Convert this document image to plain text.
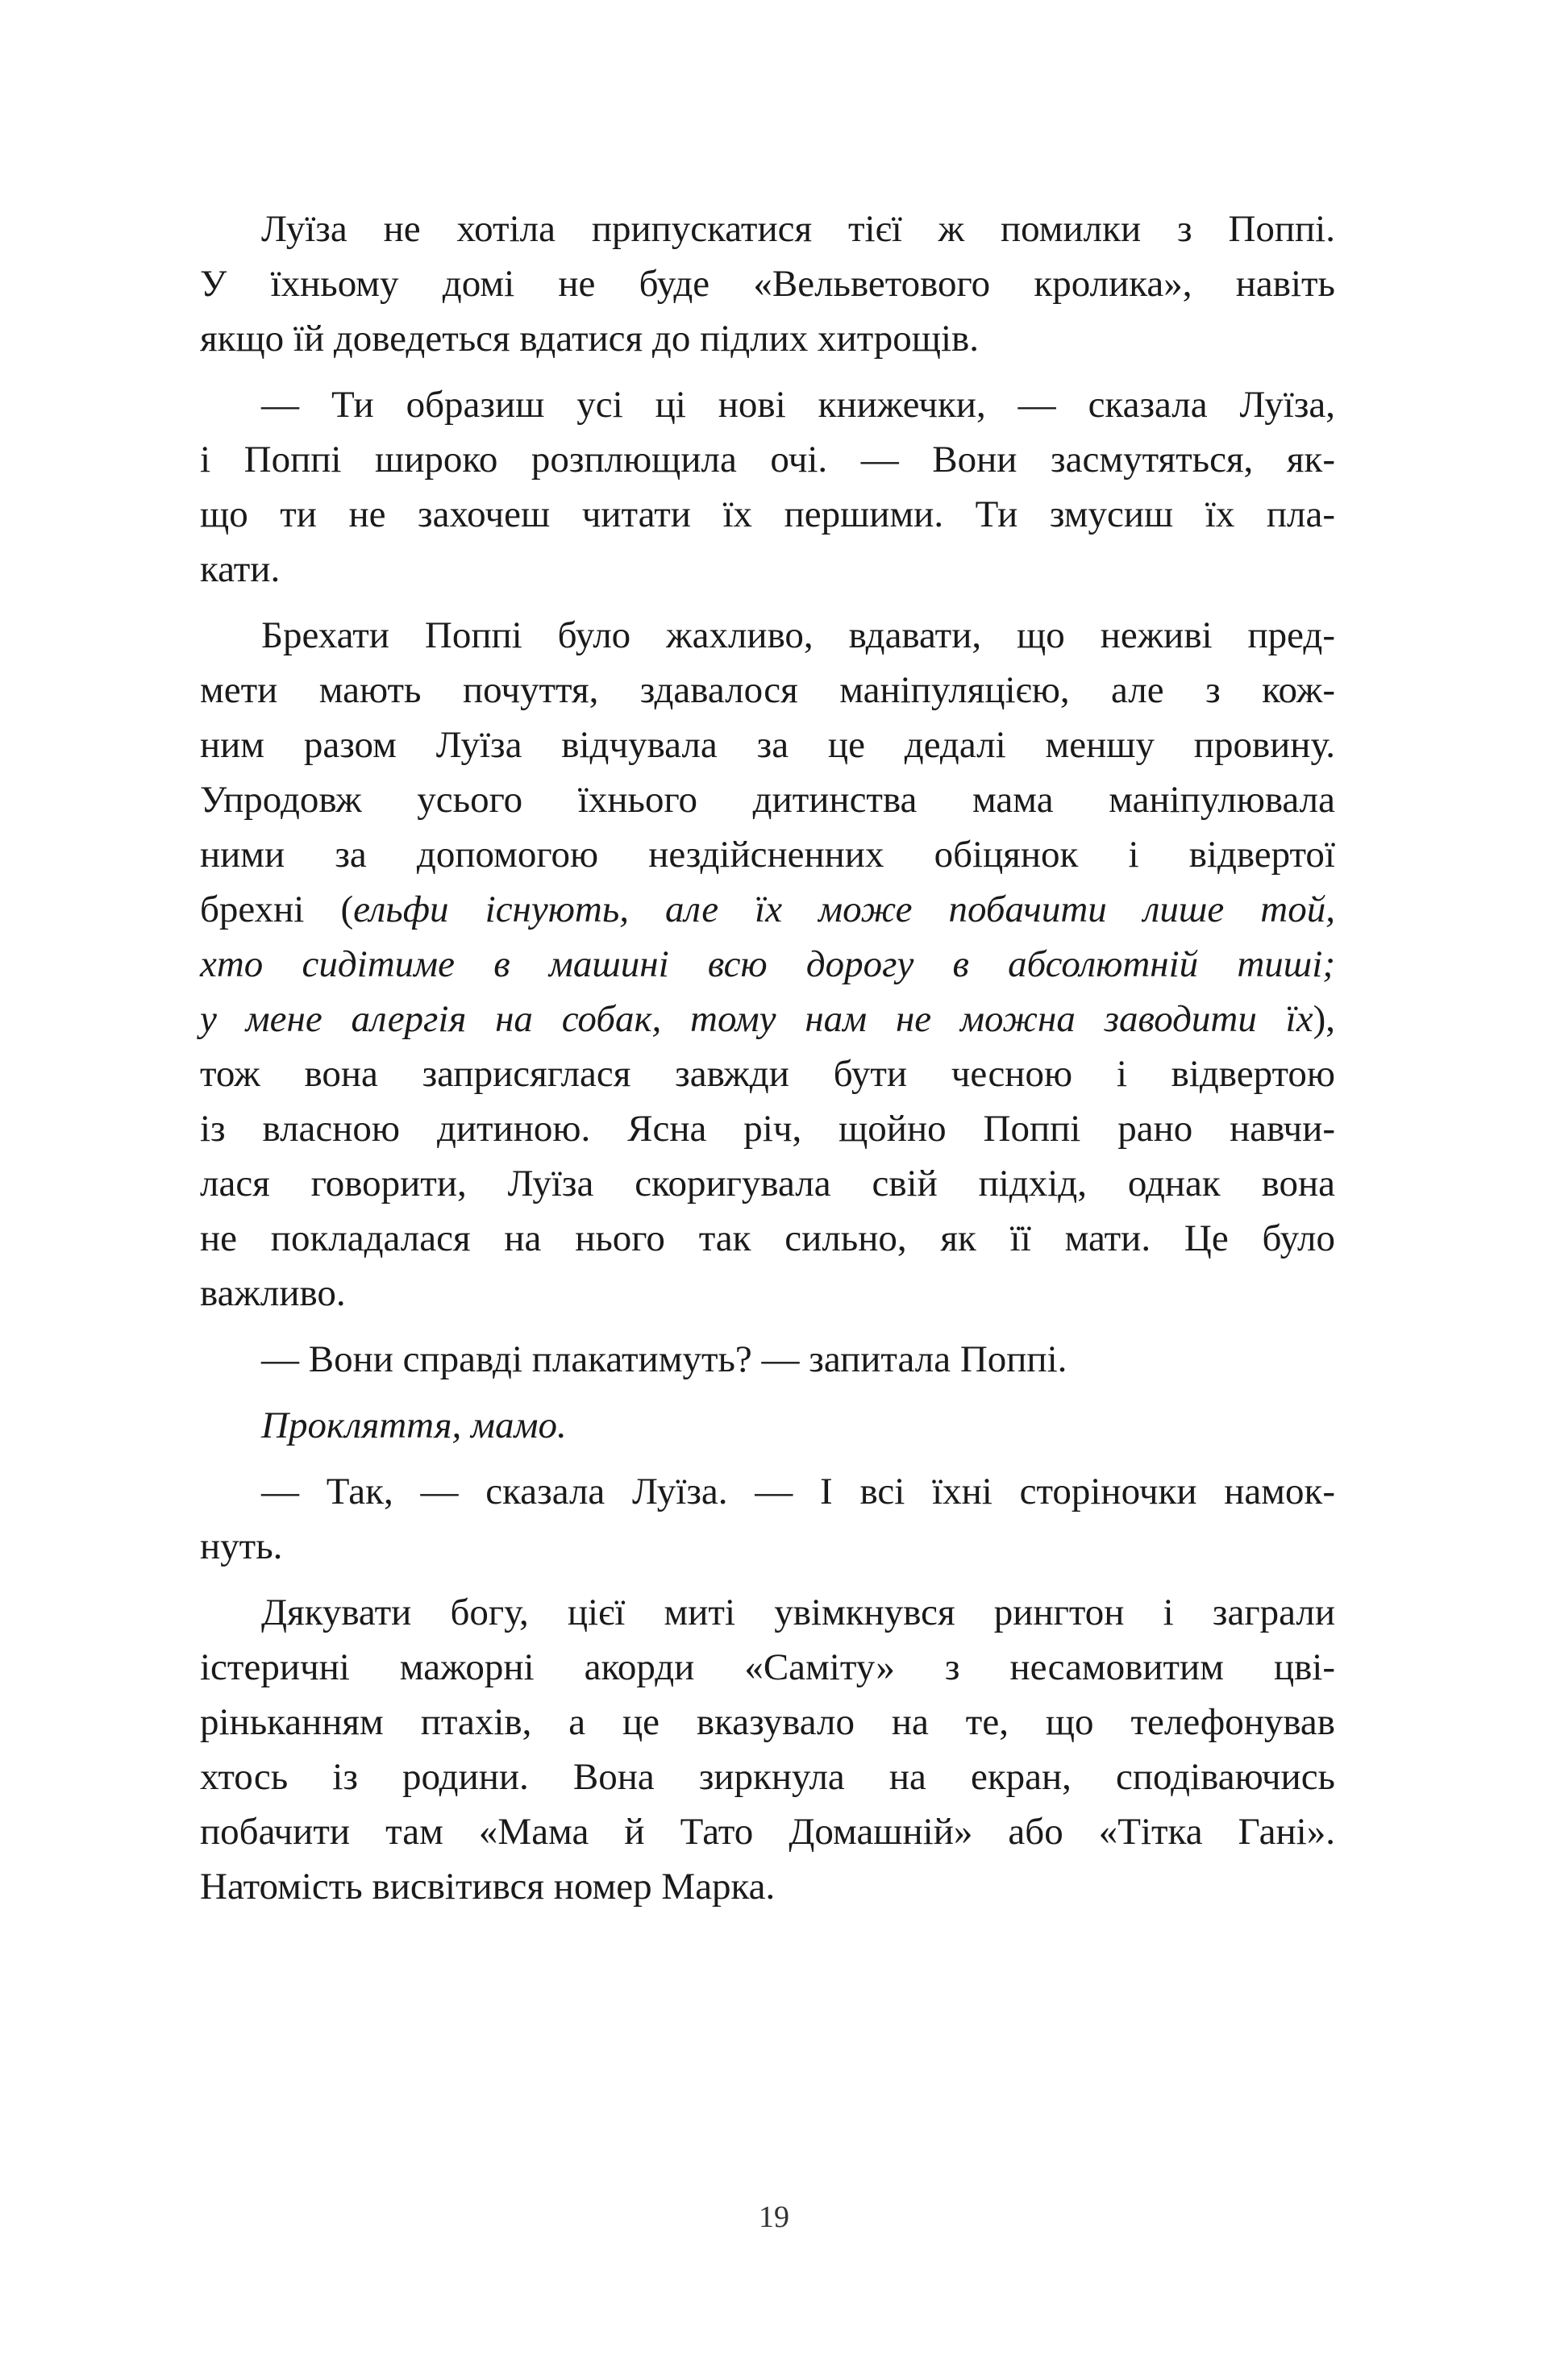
Луїза не хотіла припускатися тієї ж помилки з Поппі.
У їхньому домі не буде «Вельветового кролика», навіть
якщо їй доведеться вдатися до підлих хитрощів.
— Ти образиш усі ці нові книжечки, — сказала Луїза,
і Поппі широко розплющила очі. — Вони засмутяться, як-
що ти не захочеш читати їх першими. Ти змусиш їх пла-
кати.
Брехати Поппі було жахливо, вдавати, що неживі пред-
мети мають почуття, здавалося маніпуляцією, але з кож-
ним разом Луїза відчувала за це дедалі меншу провину.
Упродовж усього їхнього дитинства мама маніпулювала
ними за допомогою нездійсненних обіцянок і відвертої
брехні (ельфи існують, але їх може побачити лише той,
хто сидітиме в машині всю дорогу в абсолютній тиші;
у мене алергія на собак, тому нам не можна заводити їх),
тож вона заприсяглася завжди бути чесною і відвертою
із власною дитиною. Ясна річ, щойно Поппі рано навчи-
лася говорити, Луїза скоригувала свій підхід, однак вона
не покладалася на нього так сильно, як її мати. Це було
важливо.
— Вони справді плакатимуть? — запитала Поппі.
Прокляття, мамо.
— Так, — сказала Луїза. — І всі їхні сторіночки намок-
нуть.
Дякувати богу, цієї миті увімкнувся рингтон і заграли
істеричні мажорні акорди «Саміту» з несамовитим цві-
ріньканням птахів, а це вказувало на те, що телефонував
хтось із родини. Вона зиркнула на екран, сподіваючись
побачити там «Мама й Тато Домашній» або «Тітка Гані».
Натомість висвітився номер Марка.
19
